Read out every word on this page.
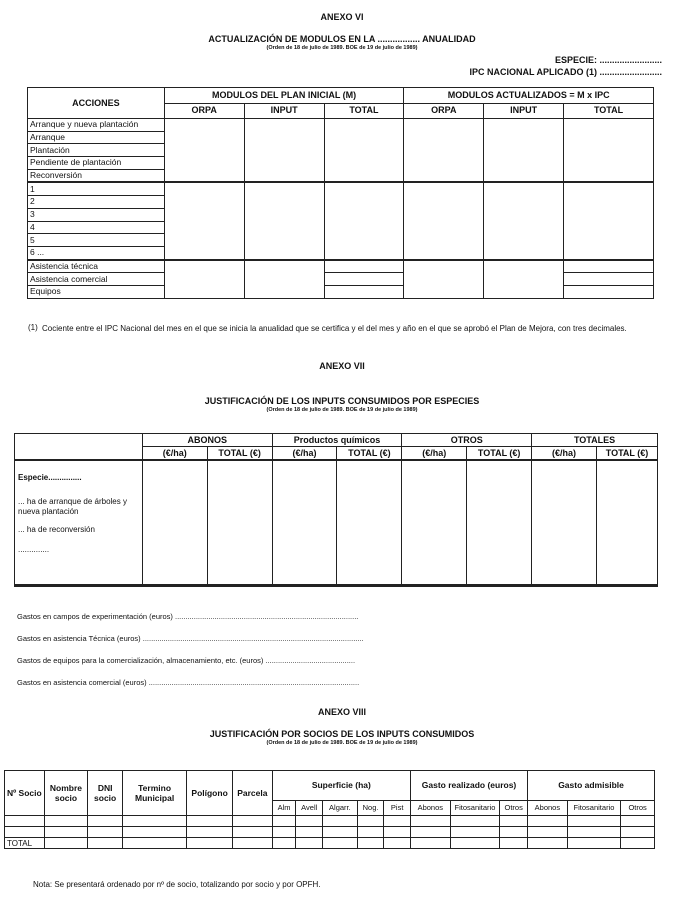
ANEXO VI
ACTUALIZACIÓN DE MODULOS EN LA ................. ANUALIDAD
(Orden de 18 de julio de 1989. BOE de 19 de julio de 1989)
ESPECIE: .........................
IPC NACIONAL APLICADO (1) .........................
ACCIONES	MODULOS DEL PLAN INICIAL (M)			MODULOS ACTUALIZADOS = M x IPC		
	ORPA	INPUT	TOTAL	ORPA	INPUT	TOTAL
Arranque y nueva plantación						
Arranque						
Plantación						
Pendiente de plantación						
Reconversión						
1						
2						
3						
4						
5						
6 ...						
Asistencia técnica						
Asistencia comercial						
Equipos						
(1) Cociente entre el IPC Nacional del mes en el que se inicia la anualidad que se certifica y el del mes y año en el que se aprobó el Plan de Mejora, con tres decimales.
ANEXO VII
JUSTIFICACIÓN DE LOS INPUTS CONSUMIDOS POR ESPECIES
(Orden de 18 de julio de 1989. BOE de 19 de julio de 1989)
	ABONOS		Productos químicos		OTROS		TOTALES	
	(€/ha)	TOTAL (€)	(€/ha)	TOTAL (€)	(€/ha)	TOTAL (€)	(€/ha)	TOTAL (€)

Especie...............
... ha de arranque de árboles y nueva plantación
... ha de reconversión
..............								

Gastos en campos de experimentación (euros) ........................................................................................
Gastos en asistencia Técnica (euros) ..........................................................................................................
Gastos de equipos para la comercialización, almacenamiento, etc. (euros) ...........................................
Gastos en asistencia comercial (euros) .....................................................................................................
ANEXO VIII
JUSTIFICACIÓN POR SOCIOS DE LOS INPUTS CONSUMIDOS
(Orden de 18 de julio de 1989. BOE de 19 de julio de 1989)
Nº Socio	Nombre socio	DNI socio	Termino Municipal	Polígono	Parcela	Superficie (ha)					Gasto realizado (euros)			Gasto admisible		
						Alm	Avell	Algarr.	Nog.	Pist	Abonos	Fitosanitario	Otros	Abonos	Fitosanitario	Otros

TOTAL																
Nota: Se presentará ordenado por nº de socio, totalizando por socio y por OPFH.
